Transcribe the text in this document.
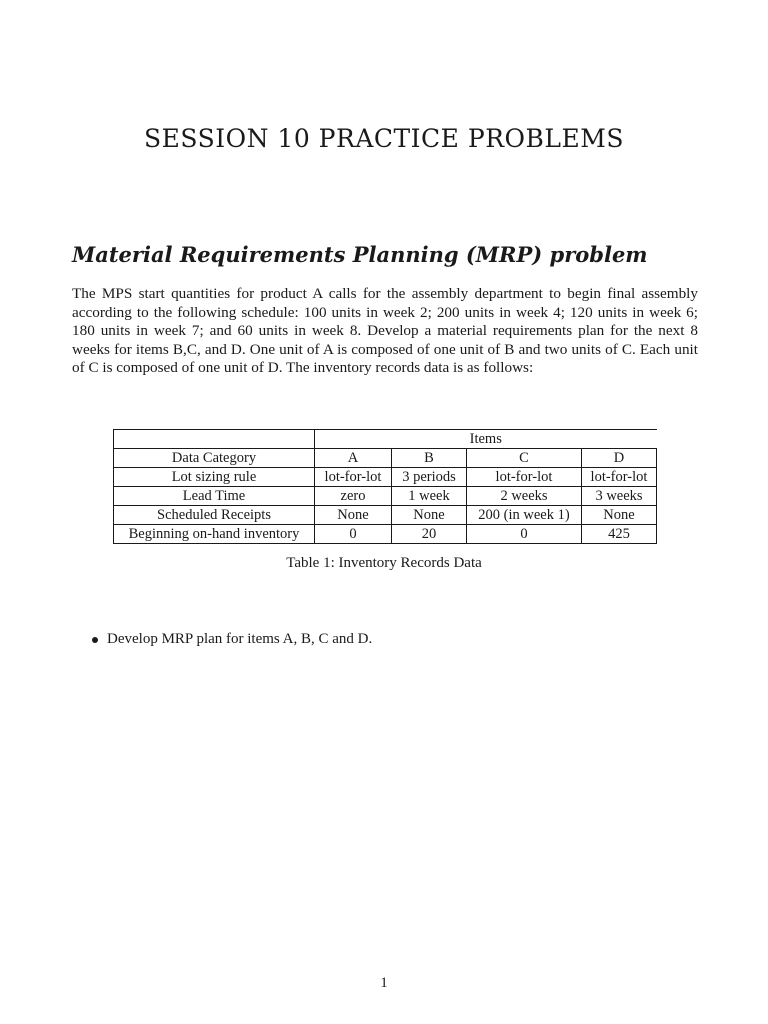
SESSION 10 PRACTICE PROBLEMS
Material Requirements Planning (MRP) problem

The MPS start quantities for product A calls for the assembly department to begin final assembly according to the following schedule: 100 units in week 2; 200 units in week 4; 120 units in week 6; 180 units in week 7; and 60 units in week 8. Develop a material requirements plan for the next 8 weeks for items B,C, and D. One unit of A is composed of one unit of B and two units of C. Each unit of C is composed of one unit of D. The inventory records data is as follows:

	Items			
Data Category	A	B	C	D
Lot sizing rule	lot-for-lot	3 periods	lot-for-lot	lot-for-lot
Lead Time	zero	1 week	2 weeks	3 weeks
Scheduled Receipts	None	None	200 (in week 1)	None
Beginning on-hand inventory	0	20	0	425

Table 1: Inventory Records Data

Develop MRP plan for items A, B, C and D.

1
